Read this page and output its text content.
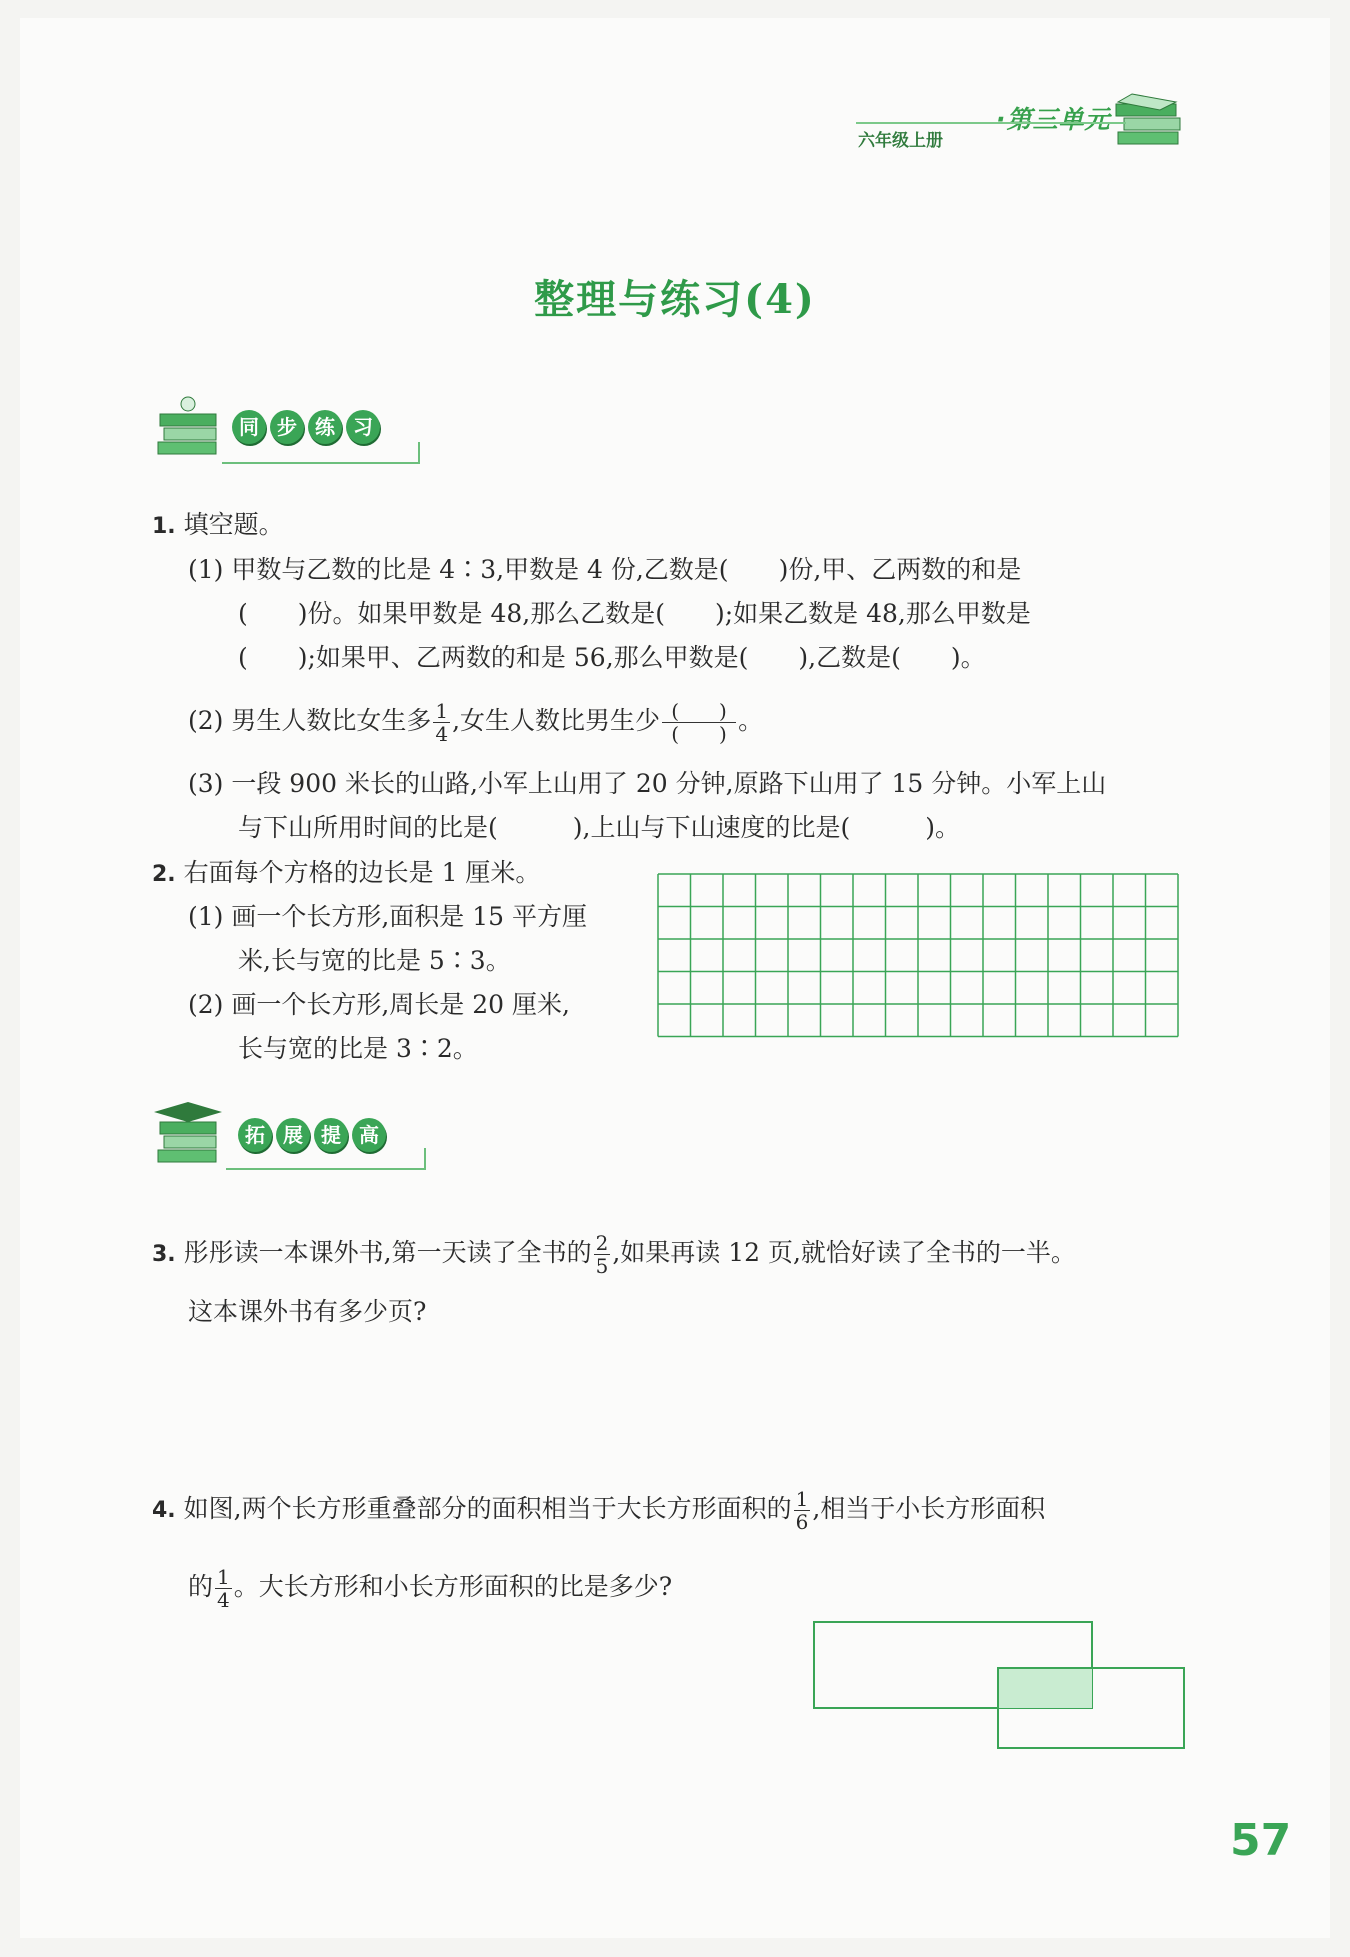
·第三单元
六年级上册
整理与练习(4)
同 步 练 习
1. 填空题。
(1) 甲数与乙数的比是 4∶3,甲数是 4 份,乙数是(　　)份,甲、乙两数的和是
(　　)份。如果甲数是 48,那么乙数是(　　);如果乙数是 48,那么甲数是
(　　);如果甲、乙两数的和是 56,那么甲数是(　　),乙数是(　　)。
(2) 男生人数比女生多 $\frac{1}{4}$ ,女生人数比男生少 $\frac{( )}{( )}$ 。
(3) 一段 900 米长的山路,小军上山用了 20 分钟,原路下山用了 15 分钟。小军上山
与下山所用时间的比是(　　　),上山与下山速度的比是(　　　)。
2. 右面每个方格的边长是 1 厘米。
(1) 画一个长方形,面积是 15 平方厘
米,长与宽的比是 5∶3。
(2) 画一个长方形,周长是 20 厘米,
长与宽的比是 3∶2。
拓 展 提 高
3. 彤彤读一本课外书,第一天读了全书的 $\frac{2}{5}$ ,如果再读 12 页,就恰好读了全书的一半。
这本课外书有多少页?
4. 如图,两个长方形重叠部分的面积相当于大长方形面积的 $\frac{1}{6}$ ,相当于小长方形面积
的 $\frac{1}{4}$ 。大长方形和小长方形面积的比是多少?
57
